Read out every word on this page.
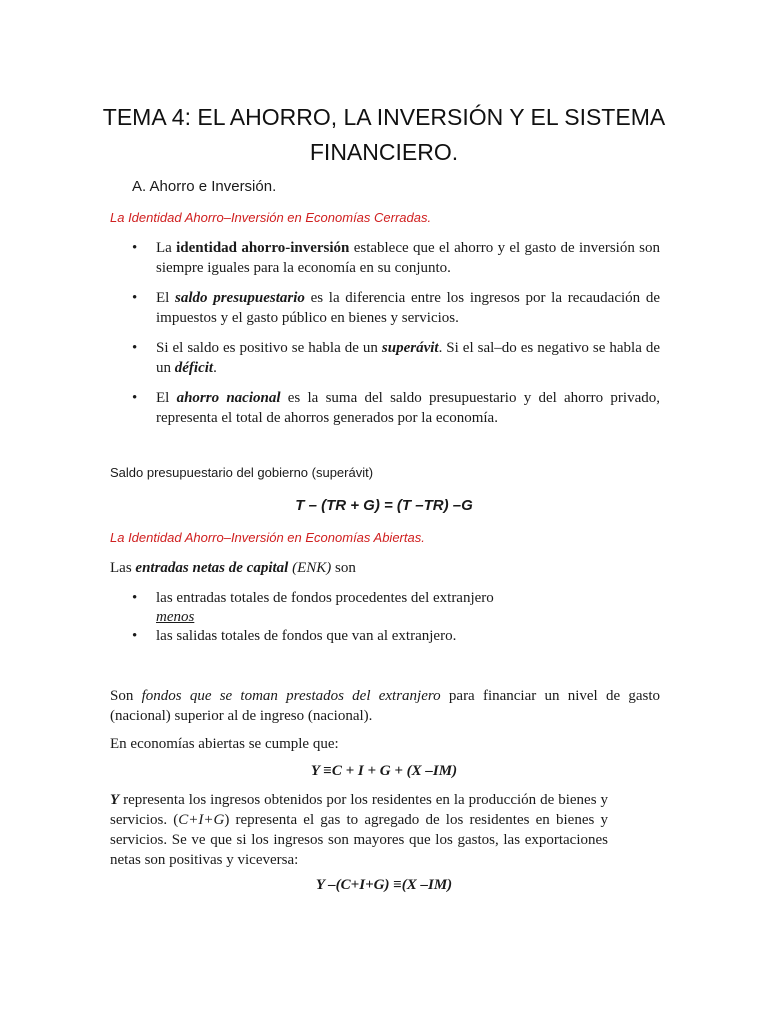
TEMA 4: EL AHORRO, LA INVERSIÓN Y EL SISTEMA
FINANCIERO.
A. Ahorro e Inversión.
La Identidad Ahorro–Inversión en Economías Cerradas.
• La identidad ahorro-inversión establece que el ahorro y el gasto de inversión son siempre iguales para la economía en su conjunto.
• El saldo presupuestario es la diferencia entre los ingresos por la recaudación de impuestos y el gasto público en bienes y servicios.
• Si el saldo es positivo se habla de un superávit. Si el sal–do es negativo se habla de un déficit.
• El ahorro nacional es la suma del saldo presupuestario y del ahorro privado, representa el total de ahorros generados por la economía.
Saldo presupuestario del gobierno (superávit)
T – (TR + G) = (T –TR) –G
La Identidad Ahorro–Inversión en Economías Abiertas.
Las entradas netas de capital (ENK) son
• las entradas totales de fondos procedentes del extranjero
menos
• las salidas totales de fondos que van al extranjero.
Son fondos que se toman prestados del extranjero para financiar un nivel de gasto (nacional) superior al de ingreso (nacional).
En economías abiertas se cumple que:
Y ≡C + I + G + (X –IM)
Y representa los ingresos obtenidos por los residentes en la producción de bienes y servicios. (C+I+G) representa el gas to agregado de los residentes en bienes y servicios. Se ve que si los ingresos son mayores que los gastos, las exportaciones netas son positivas y viceversa:
Y –(C+I+G) ≡(X –IM)
